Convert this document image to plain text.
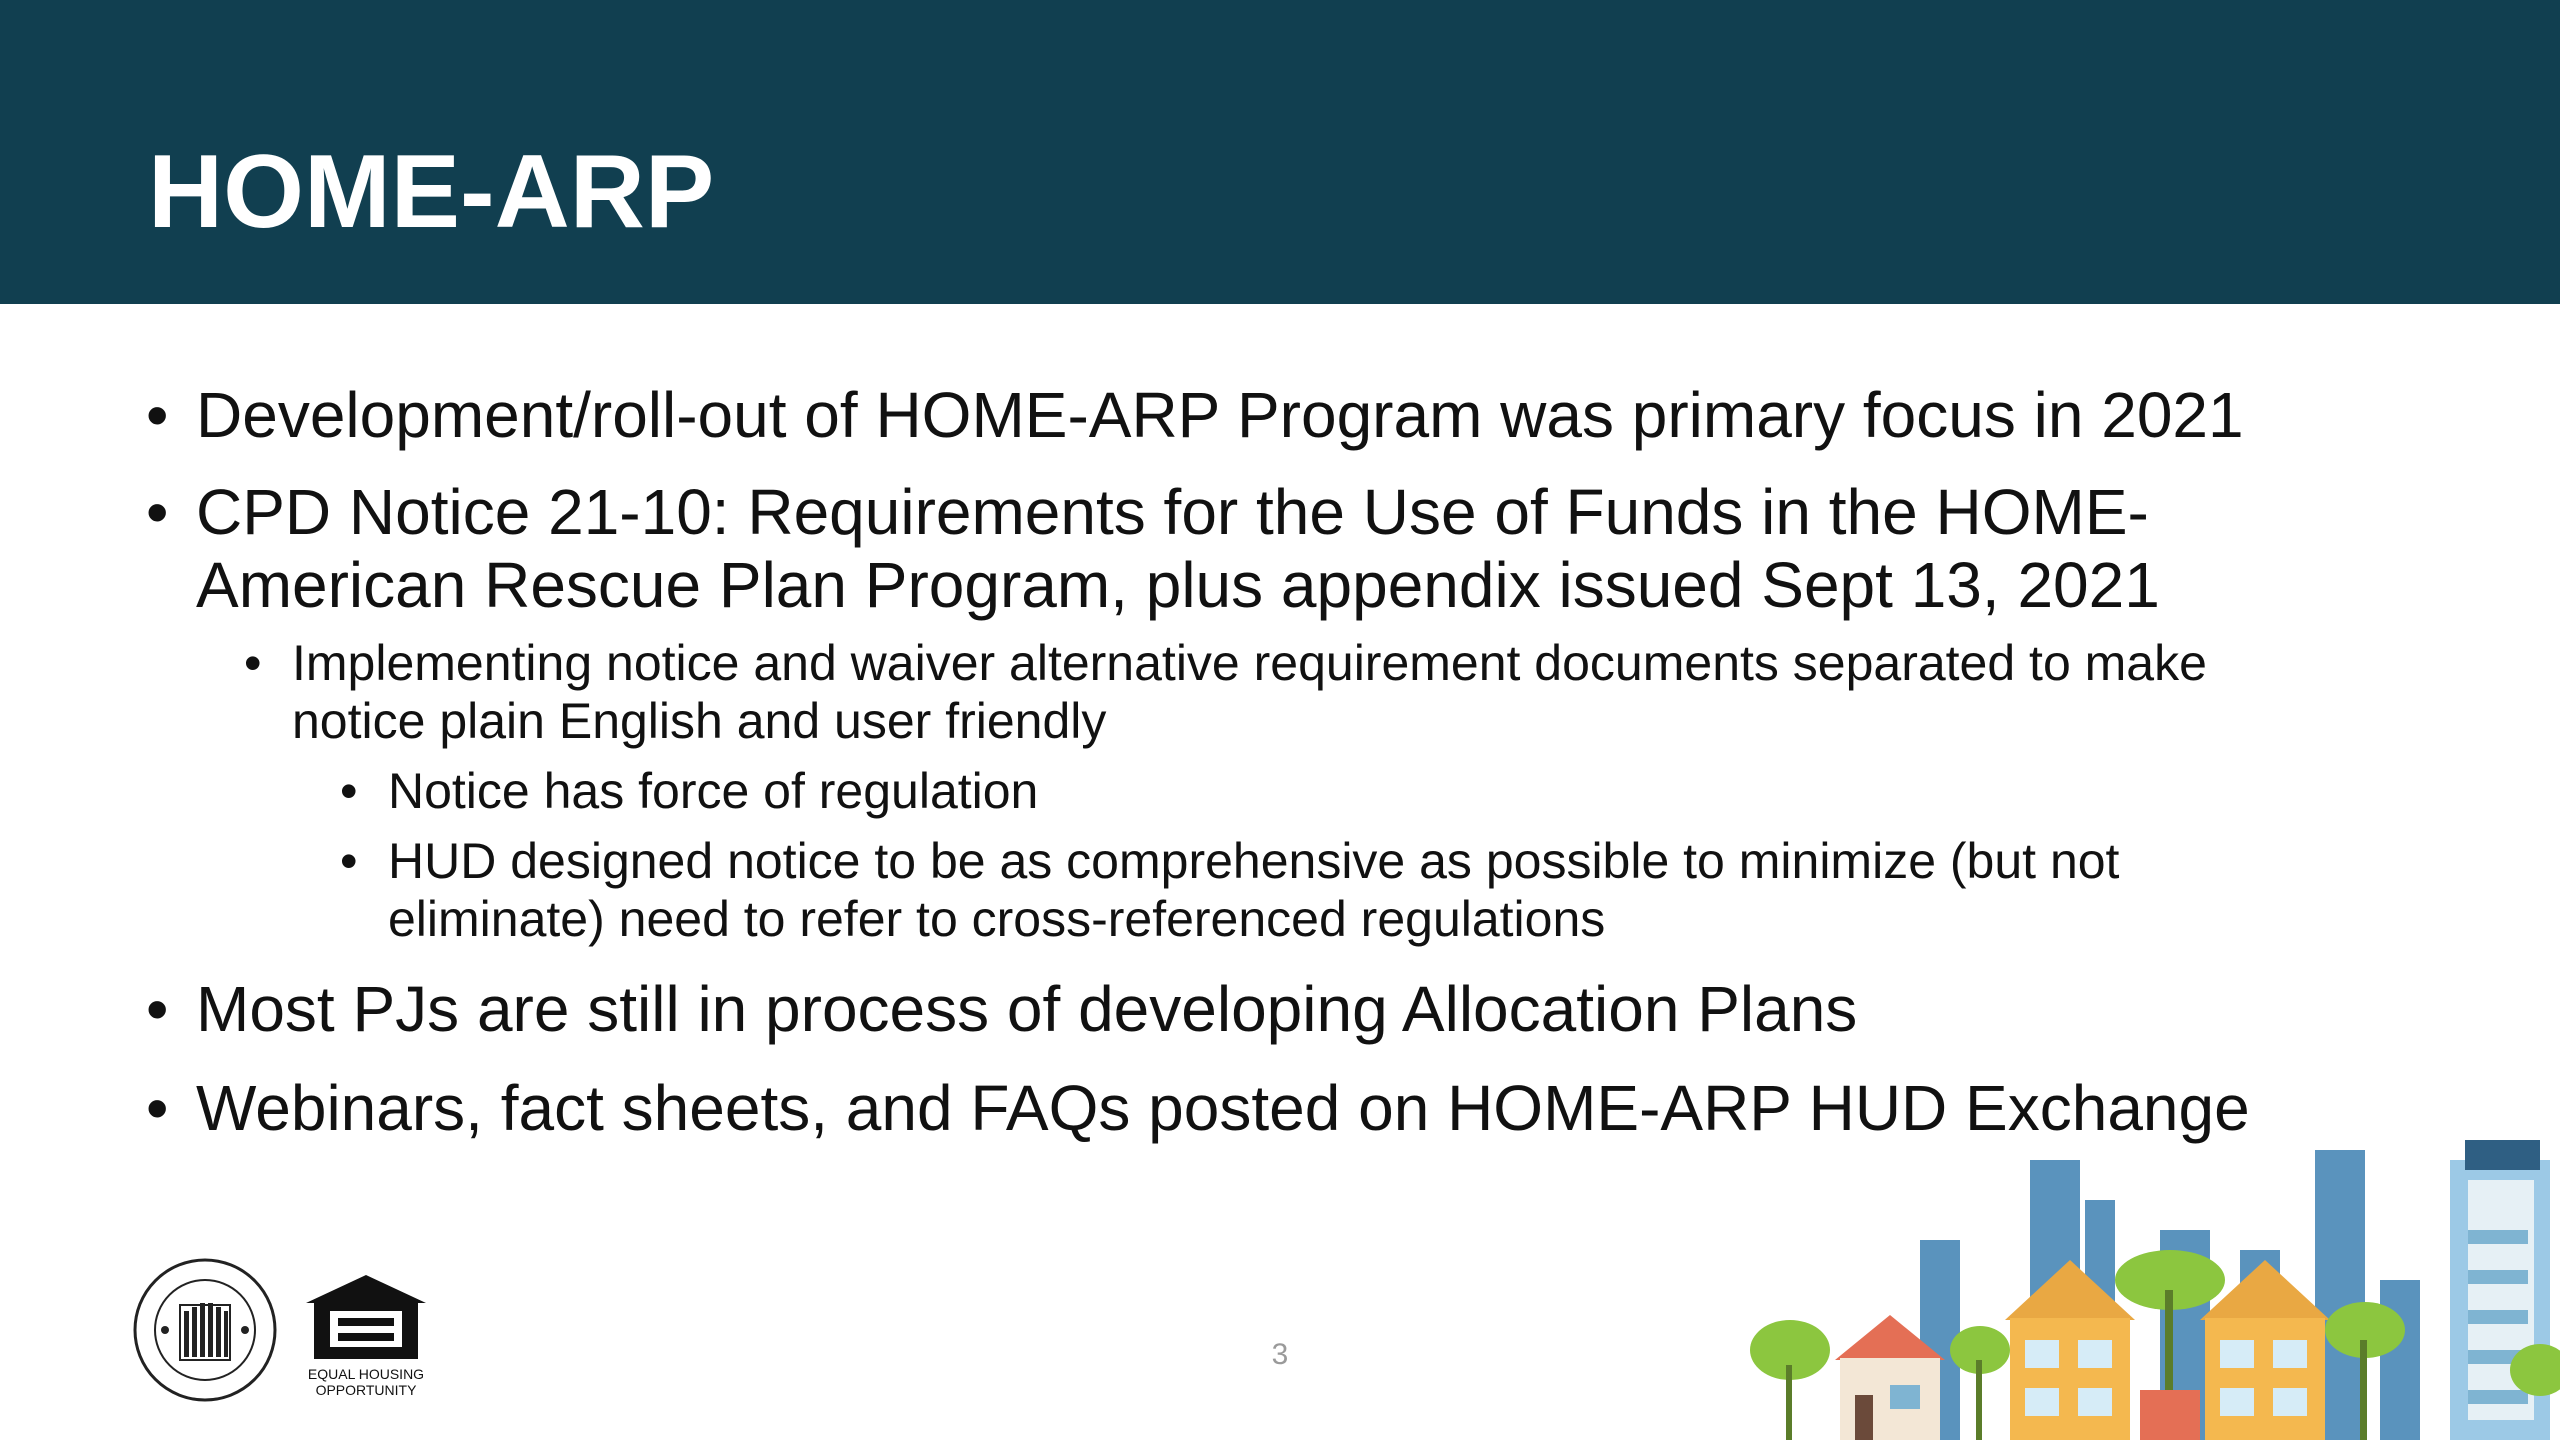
HOME-ARP
• Development/roll-out of HOME-ARP Program was primary focus in 2021
• CPD Notice 21-10: Requirements for the Use of Funds in the HOME-
American Rescue Plan Program, plus appendix issued Sept 13, 2021
• Implementing notice and waiver alternative requirement documents separated to make
notice plain English and user friendly
• Notice has force of regulation
• HUD designed notice to be as comprehensive as possible to minimize (but not
eliminate) need to refer to cross-referenced regulations
• Most PJs are still in process of developing Allocation Plans
• Webinars, fact sheets, and FAQs posted on HOME-ARP HUD Exchange
3
EQUAL HOUSING
OPPORTUNITY
